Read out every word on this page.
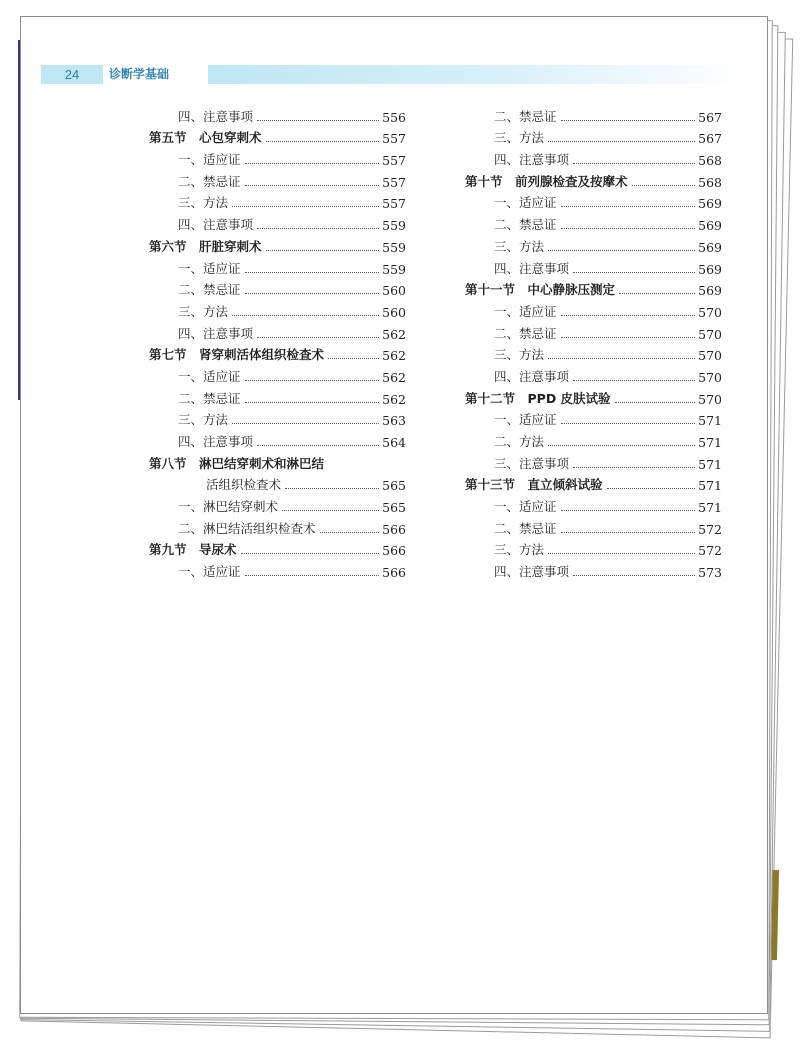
24	诊断学基础
四、注意事项	556
第五节　心包穿刺术	557
一、适应证	557
二、禁忌证	557
三、方法	557
四、注意事项	559
第六节　肝脏穿刺术	559
一、适应证	559
二、禁忌证	560
三、方法	560
四、注意事项	562
第七节　肾穿刺活体组织检查术	562
一、适应证	562
二、禁忌证	562
三、方法	563
四、注意事项	564
第八节　淋巴结穿刺术和淋巴结
活组织检查术	565
一、淋巴结穿刺术	565
二、淋巴结活组织检查术	566
第九节　导尿术	566
一、适应证	566
二、禁忌证	567
三、方法	567
四、注意事项	568
第十节　前列腺检查及按摩术	568
一、适应证	569
二、禁忌证	569
三、方法	569
四、注意事项	569
第十一节　中心静脉压测定	569
一、适应证	570
二、禁忌证	570
三、方法	570
四、注意事项	570
第十二节　PPD 皮肤试验	570
一、适应证	571
二、方法	571
三、注意事项	571
第十三节　直立倾斜试验	571
一、适应证	571
二、禁忌证	572
三、方法	572
四、注意事项	573
